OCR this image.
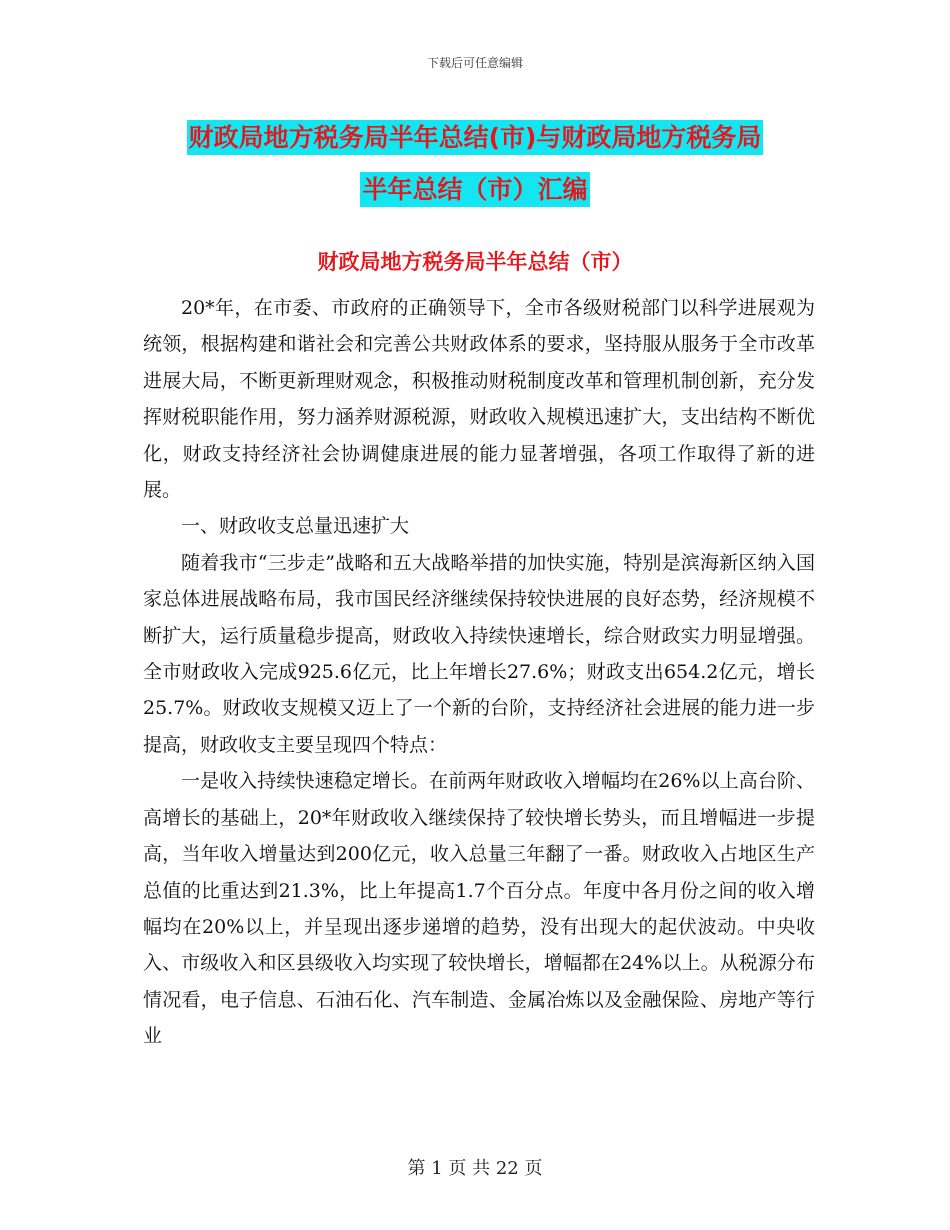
下载后可任意编辑
财政局地方税务局半年总结(市)与财政局地方税务局
半年总结（市）汇编
财政局地方税务局半年总结（市）

20*年，在市委、市政府的正确领导下，全市各级财税部门以科学进展观为统领，根据构建和谐社会和完善公共财政体系的要求，坚持服从服务于全市改革进展大局，不断更新理财观念，积极推动财税制度改革和管理机制创新，充分发挥财税职能作用，努力涵养财源税源，财政收入规模迅速扩大，支出结构不断优化，财政支持经济社会协调健康进展的能力显著增强，各项工作取得了新的进展。

一、财政收支总量迅速扩大

随着我市“三步走”战略和五大战略举措的加快实施，特别是滨海新区纳入国家总体进展战略布局，我市国民经济继续保持较快进展的良好态势，经济规模不断扩大，运行质量稳步提高，财政收入持续快速增长，综合财政实力明显增强。全市财政收入完成925.6亿元，比上年增长27.6%；财政支出654.2亿元，增长25.7%。财政收支规模又迈上了一个新的台阶，支持经济社会进展的能力进一步提高，财政收支主要呈现四个特点：

一是收入持续快速稳定增长。在前两年财政收入增幅均在26%以上高台阶、高增长的基础上，20*年财政收入继续保持了较快增长势头，而且增幅进一步提高，当年收入增量达到200亿元，收入总量三年翻了一番。财政收入占地区生产总值的比重达到21.3%，比上年提高1.7个百分点。年度中各月份之间的收入增幅均在20%以上，并呈现出逐步递增的趋势，没有出现大的起伏波动。中央收入、市级收入和区县级收入均实现了较快增长，增幅都在24%以上。从税源分布情况看，电子信息、石油石化、汽车制造、金属冶炼以及金融保险、房地产等行业

第 1 页 共 22 页
